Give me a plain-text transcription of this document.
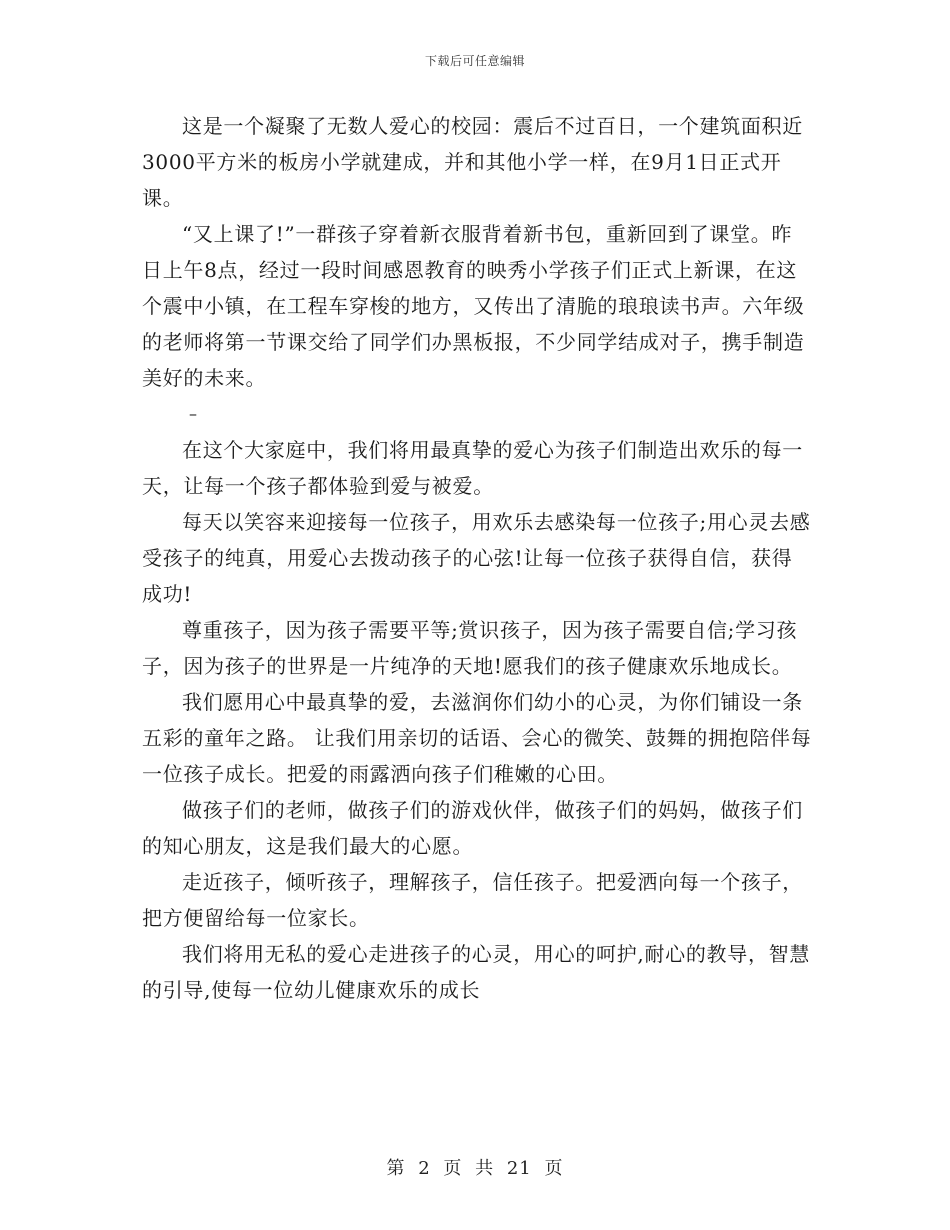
下载后可任意编辑

这是一个凝聚了无数人爱心的校园：震后不过百日，一个建筑面积近3000平方米的板房小学就建成，并和其他小学一样，在9月1日正式开课。

“又上课了!”一群孩子穿着新衣服背着新书包，重新回到了课堂。昨日上午8点，经过一段时间感恩教育的映秀小学孩子们正式上新课，在这个震中小镇，在工程车穿梭的地方，又传出了清脆的琅琅读书声。六年级的老师将第一节课交给了同学们办黑板报，不少同学结成对子，携手制造美好的未来。

–

在这个大家庭中，我们将用最真挚的爱心为孩子们制造出欢乐的每一天，让每一个孩子都体验到爱与被爱。

每天以笑容来迎接每一位孩子，用欢乐去感染每一位孩子;用心灵去感受孩子的纯真，用爱心去拨动孩子的心弦!让每一位孩子获得自信，获得成功!

尊重孩子，因为孩子需要平等;赏识孩子，因为孩子需要自信;学习孩子，因为孩子的世界是一片纯净的天地!愿我们的孩子健康欢乐地成长。

我们愿用心中最真挚的爱，去滋润你们幼小的心灵，为你们铺设一条五彩的童年之路。 让我们用亲切的话语、会心的微笑、鼓舞的拥抱陪伴每一位孩子成长。把爱的雨露洒向孩子们稚嫩的心田。

做孩子们的老师，做孩子们的游戏伙伴，做孩子们的妈妈，做孩子们的知心朋友，这是我们最大的心愿。

走近孩子，倾听孩子，理解孩子，信任孩子。把爱洒向每一个孩子，把方便留给每一位家长。

我们将用无私的爱心走进孩子的心灵，用心的呵护,耐心的教导，智慧的引导,使每一位幼儿健康欢乐的成长

第 2 页 共 21 页
